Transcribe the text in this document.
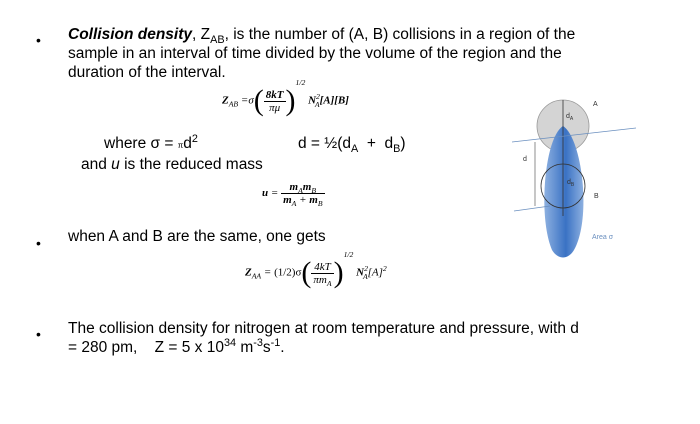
• Collision density, $Z_{AB}$, is the number of (A, B) collisions in a region of the
sample in an interval of time divided by the volume of the region and the
duration of the interval.
$Z_{AB} =\sigma( \frac{8kT}{\pi\mu} )^{1/2}$ $N^2_A[A][B]$
where $\sigma = \pi d^2$	$d = \frac{1}{2}(d_A + d_B)$
and u is the reduced mass
$u = \frac{m_Am_B}{m_A + m_B}$
• when A and B are the same, one gets
$Z_{AA} = (1/2)\sigma( \frac{4kT}{\pi m_A} )^{1/2}$ $N^2_A[A]^2$
• The collision density for nitrogen at room temperature and pressure, with d
= 280 pm,    Z = 5 x $10^{34}$ $m^{-3}s^{-1}$.
d
$d_A$
$d_B$
A
B
Area σ
